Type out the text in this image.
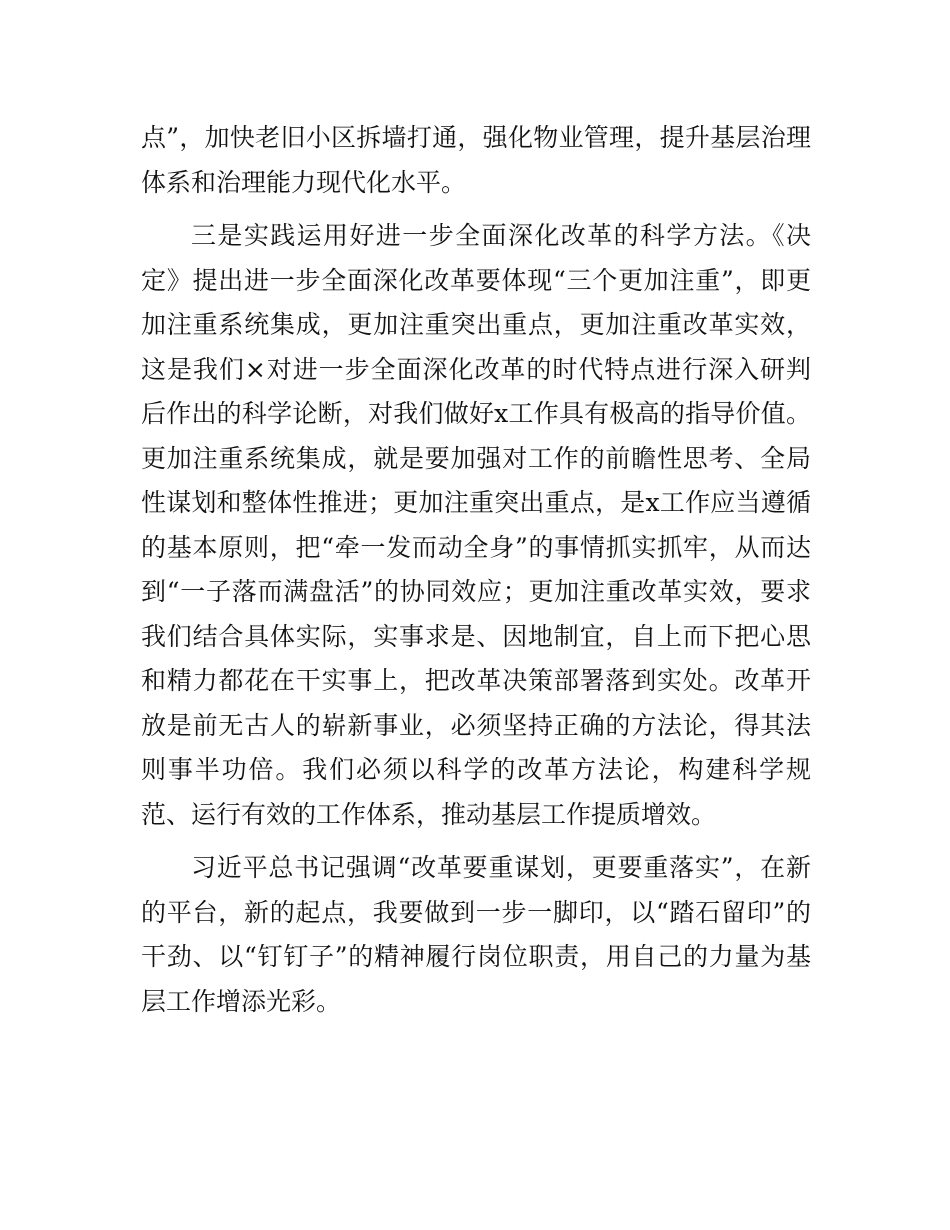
点”，加快老旧小区拆墙打通，强化物业管理，提升基层治理体系和治理能力现代化水平。

三是实践运用好进一步全面深化改革的科学方法。《决定》提出进一步全面深化改革要体现“三个更加注重”，即更加注重系统集成，更加注重突出重点，更加注重改革实效，这是我们×对进一步全面深化改革的时代特点进行深入研判后作出的科学论断，对我们做好x工作具有极高的指导价值。更加注重系统集成，就是要加强对工作的前瞻性思考、全局性谋划和整体性推进；更加注重突出重点，是x工作应当遵循的基本原则，把“牵一发而动全身”的事情抓实抓牢，从而达到“一子落而满盘活”的协同效应；更加注重改革实效，要求我们结合具体实际，实事求是、因地制宜，自上而下把心思和精力都花在干实事上，把改革决策部署落到实处。改革开放是前无古人的崭新事业，必须坚持正确的方法论，得其法则事半功倍。我们必须以科学的改革方法论，构建科学规范、运行有效的工作体系，推动基层工作提质增效。

习近平总书记强调“改革要重谋划，更要重落实”，在新的平台，新的起点，我要做到一步一脚印，以“踏石留印”的干劲、以“钉钉子”的精神履行岗位职责，用自己的力量为基层工作增添光彩。
